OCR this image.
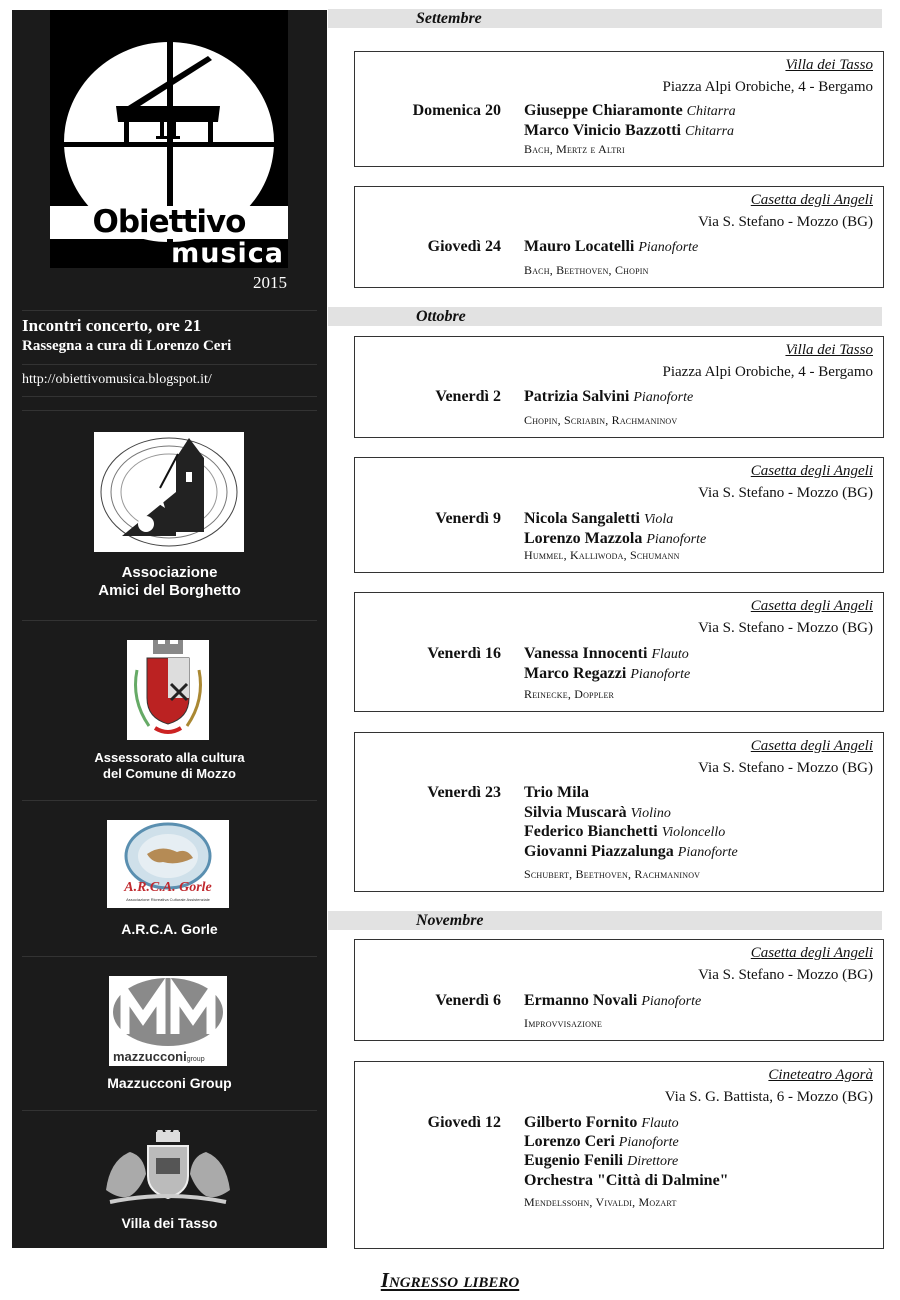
Obiettivo
musica
2015
Incontri concerto, ore 21
Rassegna a cura di Lorenzo Ceri
http://obiettivomusica.blogspot.it/
Associazione
Amici del Borghetto
Assessorato alla cultura
del Comune di Mozzo
A.R.C.A. Gorle
Associazione Ricreativa Culturale Assistenziale
A.R.C.A. Gorle
mazzucconigroup
Mazzucconi Group
Villa dei Tasso
Settembre
Villa dei Tasso
Piazza Alpi Orobiche, 4 - Bergamo
Domenica 20 Giuseppe Chiaramonte Chitarra
Marco Vinicio Bazzotti Chitarra
Bach, Mertz e Altri
Casetta degli Angeli
Via S. Stefano - Mozzo (BG)
Giovedì 24 Mauro Locatelli Pianoforte
Bach, Beethoven, Chopin
Ottobre
Villa dei Tasso
Piazza Alpi Orobiche, 4 - Bergamo
Venerdì 2 Patrizia Salvini Pianoforte
Chopin, Scriabin, Rachmaninov
Casetta degli Angeli
Via S. Stefano - Mozzo (BG)
Venerdì 9 Nicola Sangaletti Viola
Lorenzo Mazzola Pianoforte
Hummel, Kalliwoda, Schumann
Casetta degli Angeli
Via S. Stefano - Mozzo (BG)
Venerdì 16 Vanessa Innocenti Flauto
Marco Regazzi Pianoforte
Reinecke, Doppler
Casetta degli Angeli
Via S. Stefano - Mozzo (BG)
Venerdì 23 Trio Mila
Silvia Muscarà Violino
Federico Bianchetti Violoncello
Giovanni Piazzalunga Pianoforte
Schubert, Beethoven, Rachmaninov
Novembre
Casetta degli Angeli
Via S. Stefano - Mozzo (BG)
Venerdì 6 Ermanno Novali Pianoforte
Improvvisazione
Cineteatro Agorà
Via S. G. Battista, 6 - Mozzo (BG)
Giovedì 12 Gilberto Fornito Flauto
Lorenzo Ceri Pianoforte
Eugenio Fenili Direttore
Orchestra "Città di Dalmine"
Mendelssohn, Vivaldi, Mozart
Ingresso libero
